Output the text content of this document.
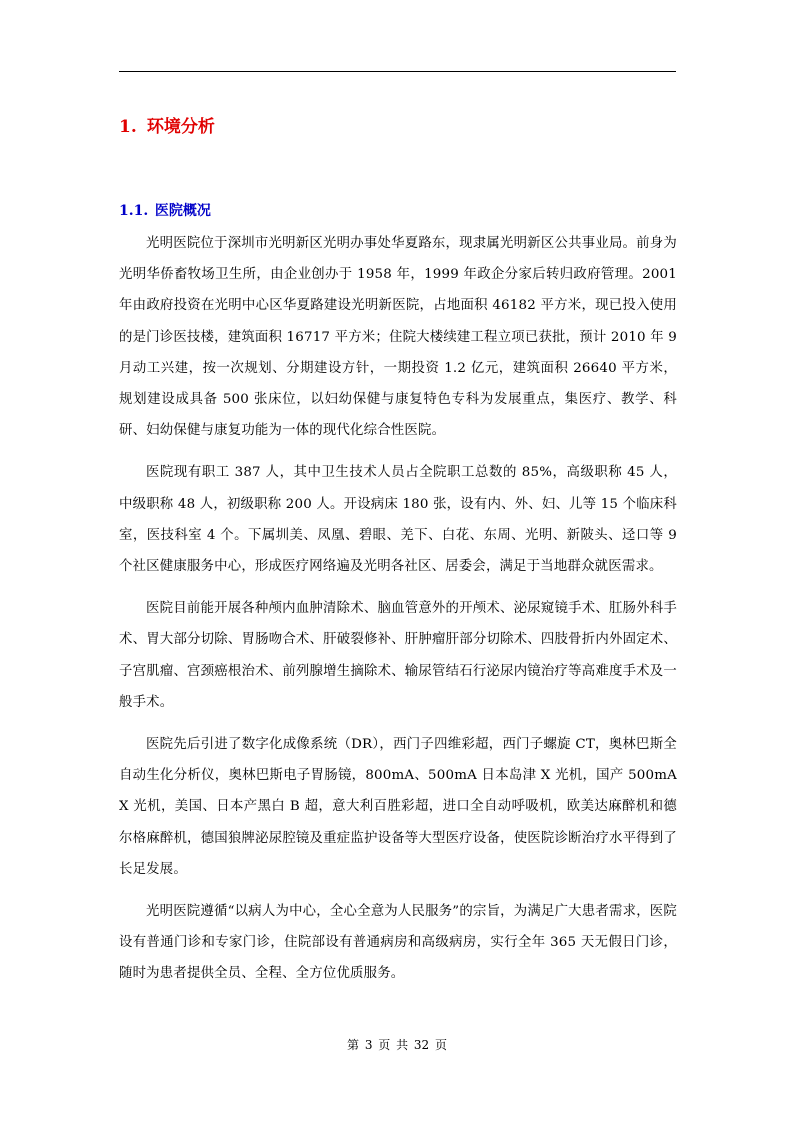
1. 环境分析
1.1. 医院概况

光明医院位于深圳市光明新区光明办事处华夏路东，现隶属光明新区公共事业局。前身为光明华侨畜牧场卫生所，由企业创办于 1958 年，1999 年政企分家后转归政府管理。2001 年由政府投资在光明中心区华夏路建设光明新医院，占地面积 46182 平方米，现已投入使用的是门诊医技楼，建筑面积 16717 平方米；住院大楼续建工程立项已获批，预计 2010 年 9 月动工兴建，按一次规划、分期建设方针，一期投资 1.2 亿元，建筑面积 26640 平方米，规划建设成具备 500 张床位，以妇幼保健与康复特色专科为发展重点，集医疗、教学、科研、妇幼保健与康复功能为一体的现代化综合性医院。

医院现有职工 387 人，其中卫生技术人员占全院职工总数的 85%，高级职称 45 人，中级职称 48 人，初级职称 200 人。开设病床 180 张，设有内、外、妇、儿等 15 个临床科室，医技科室 4 个。下属圳美、凤凰、碧眼、羌下、白花、东周、光明、新陂头、迳口等 9 个社区健康服务中心，形成医疗网络遍及光明各社区、居委会，满足于当地群众就医需求。

医院目前能开展各种颅内血肿清除术、脑血管意外的开颅术、泌尿窥镜手术、肛肠外科手术、胃大部分切除、胃肠吻合术、肝破裂修补、肝肿瘤肝部分切除术、四肢骨折内外固定术、子宫肌瘤、宫颈癌根治术、前列腺增生摘除术、输尿管结石行泌尿内镜治疗等高难度手术及一般手术。

医院先后引进了数字化成像系统（DR），西门子四维彩超，西门子螺旋 CT，奥林巴斯全自动生化分析仪，奥林巴斯电子胃肠镜，800mA、500mA 日本岛津 X 光机，国产 500mA X 光机，美国、日本产黑白 B 超，意大利百胜彩超，进口全自动呼吸机，欧美达麻醉机和德尔格麻醉机，德国狼牌泌尿腔镜及重症监护设备等大型医疗设备，使医院诊断治疗水平得到了长足发展。

光明医院遵循“以病人为中心，全心全意为人民服务”的宗旨，为满足广大患者需求，医院设有普通门诊和专家门诊，住院部设有普通病房和高级病房，实行全年 365 天无假日门诊，随时为患者提供全员、全程、全方位优质服务。

第 3 页 共 32 页
